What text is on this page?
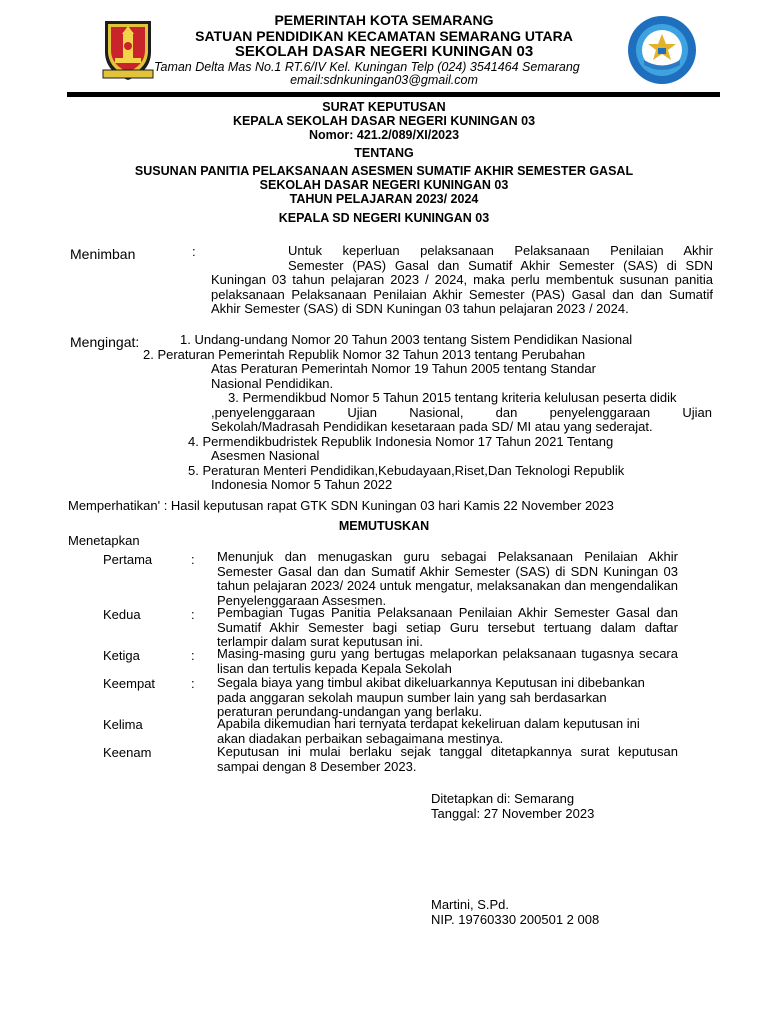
PEMERINTAH KOTA SEMARANG
SATUAN PENDIDIKAN KECAMATAN SEMARANG UTARA
SEKOLAH DASAR NEGERI KUNINGAN 03
Taman Delta Mas No.1 RT.6/IV Kel. Kuningan Telp (024) 3541464 Semarang
email:sdnkuningan03@gmail.com
SURAT KEPUTUSAN
KEPALA SEKOLAH DASAR NEGERI KUNINGAN 03
Nomor: 421.2/089/XI/2023
TENTANG
SUSUNAN PANITIA PELAKSANAAN ASESMEN SUMATIF AKHIR SEMESTER GASAL
SEKOLAH DASAR NEGERI KUNINGAN 03
TAHUN PELAJARAN 2023/ 2024
KEPALA SD NEGERI KUNINGAN 03
Menimban	:	Untuk keperluan pelaksanaan Pelaksanaan Penilaian Akhir
Semester (PAS) Gasal dan Sumatif Akhir Semester (SAS) di SDN Kuningan 03 tahun pelajaran 2023 / 2024, maka perlu membentuk susunan panitia pelaksanaan Pelaksanaan Penilaian Akhir Semester (PAS) Gasal dan dan Sumatif Akhir Semester (SAS) di SDN Kuningan 03 tahun pelajaran 2023 / 2024.
Mengingat:	1. Undang-undang Nomor 20 Tahun 2003 tentang Sistem Pendidikan Nasional
2. Peraturan Pemerintah Republik Nomor 32 Tahun 2013 tentang Perubahan
Atas Peraturan Pemerintah Nomor 19 Tahun 2005 tentang Standar
Nasional Pendidikan.
3. Permendikbud Nomor 5 Tahun 2015 tentang kriteria kelulusan peserta didik
,penyelenggaraan Ujian Nasional, dan penyelenggaraan Ujian
Sekolah/Madrasah Pendidikan kesetaraan pada SD/ MI atau yang sederajat.
4. Permendikbudristek Republik Indonesia Nomor 17 Tahun 2021 Tentang
Asesmen Nasional
5. Peraturan Menteri Pendidikan,Kebudayaan,Riset,Dan Teknologi Republik
Indonesia Nomor 5 Tahun 2022
Memperhatikan' : Hasil keputusan rapat GTK SDN Kuningan 03 hari Kamis 22 November 2023
MEMUTUSKAN
Menetapkan
Pertama	: Menunjuk dan menugaskan guru sebagai Pelaksanaan Penilaian Akhir Semester Gasal dan dan Sumatif Akhir Semester (SAS) di SDN Kuningan 03 tahun pelajaran 2023/ 2024 untuk mengatur, melaksanakan dan mengendalikan Penyelenggaraan Assesmen.
Kedua	: Pembagian Tugas Panitia Pelaksanaan Penilaian Akhir Semester Gasal dan Sumatif Akhir Semester bagi setiap Guru tersebut tertuang dalam daftar terlampir dalam surat keputusan ini.
Ketiga	: Masing-masing guru yang bertugas melaporkan pelaksanaan tugasnya secara lisan dan tertulis kepada Kepala Sekolah
Keempat	: Segala biaya yang timbul akibat dikeluarkannya Keputusan ini dibebankan
pada anggaran sekolah maupun sumber lain yang sah berdasarkan
peraturan perundang-undangan yang berlaku.
Kelima	Apabila dikemudian hari ternyata terdapat kekeliruan dalam keputusan ini
akan diadakan perbaikan sebagaimana mestinya.
Keenam	Keputusan ini mulai berlaku sejak tanggal ditetapkannya surat keputusan sampai dengan 8 Desember 2023.
Ditetapkan di: Semarang
Tanggal: 27 November 2023
Martini, S.Pd.
NIP. 19760330 200501 2 008
